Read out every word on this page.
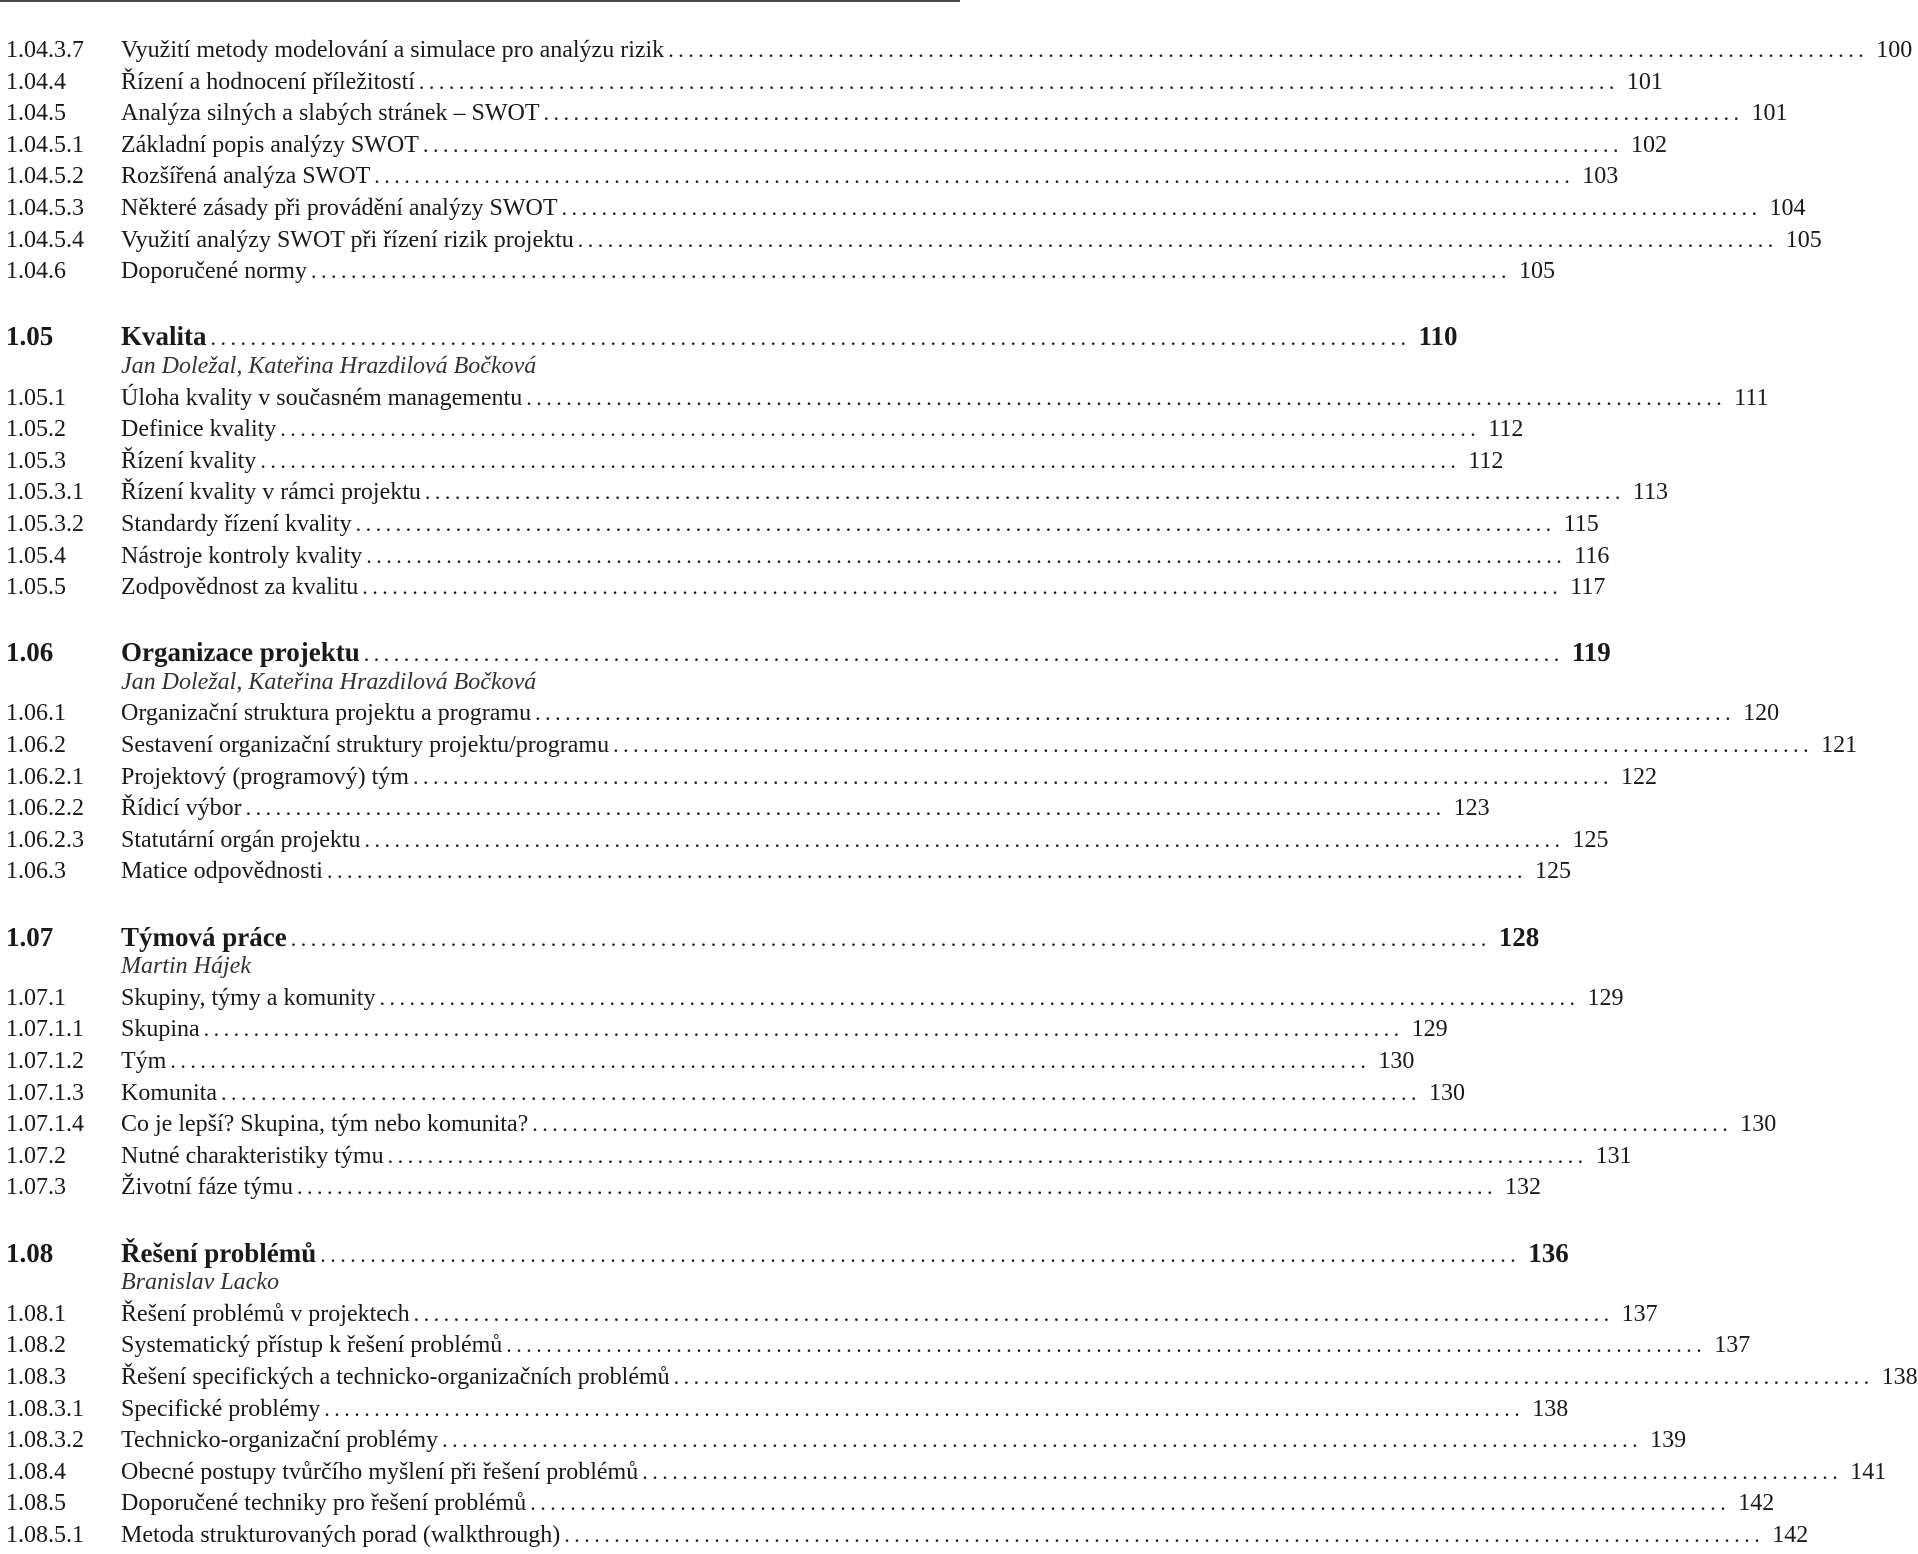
1.04.3.7	Využití metody modelování a simulace pro analýzu rizik ........................................................................................................................ 100
1.04.4	Řízení a hodnocení příležitostí ........................................................................................................................ 101
1.04.5	Analýza silných a slabých stránek – SWOT ........................................................................................................................ 101
1.04.5.1	Základní popis analýzy SWOT ........................................................................................................................ 102
1.04.5.2	Rozšířená analýza SWOT ........................................................................................................................ 103
1.04.5.3	Některé zásady při provádění analýzy SWOT ........................................................................................................................ 104
1.04.5.4	Využití analýzy SWOT při řízení rizik projektu ........................................................................................................................ 105
1.04.6	Doporučené normy ........................................................................................................................ 105
1.05	Kvalita ........................................................................................................................ 110
Jan Doležal, Kateřina Hrazdilová Bočková
1.05.1	Úloha kvality v současném managementu ........................................................................................................................ 111
1.05.2	Definice kvality ........................................................................................................................ 112
1.05.3	Řízení kvality ........................................................................................................................ 112
1.05.3.1	Řízení kvality v rámci projektu ........................................................................................................................ 113
1.05.3.2	Standardy řízení kvality ........................................................................................................................ 115
1.05.4	Nástroje kontroly kvality ........................................................................................................................ 116
1.05.5	Zodpovědnost za kvalitu ........................................................................................................................ 117
1.06	Organizace projektu ........................................................................................................................ 119
Jan Doležal, Kateřina Hrazdilová Bočková
1.06.1	Organizační struktura projektu a programu ........................................................................................................................ 120
1.06.2	Sestavení organizační struktury projektu/programu ........................................................................................................................ 121
1.06.2.1	Projektový (programový) tým ........................................................................................................................ 122
1.06.2.2	Řídicí výbor ........................................................................................................................ 123
1.06.2.3	Statutární orgán projektu ........................................................................................................................ 125
1.06.3	Matice odpovědnosti ........................................................................................................................ 125
1.07	Týmová práce ........................................................................................................................ 128
Martin Hájek
1.07.1	Skupiny, týmy a komunity ........................................................................................................................ 129
1.07.1.1	Skupina ........................................................................................................................ 129
1.07.1.2	Tým ........................................................................................................................ 130
1.07.1.3	Komunita ........................................................................................................................ 130
1.07.1.4	Co je lepší? Skupina, tým nebo komunita? ........................................................................................................................ 130
1.07.2	Nutné charakteristiky týmu ........................................................................................................................ 131
1.07.3	Životní fáze týmu ........................................................................................................................ 132
1.08	Řešení problémů ........................................................................................................................ 136
Branislav Lacko
1.08.1	Řešení problémů v projektech ........................................................................................................................ 137
1.08.2	Systematický přístup k řešení problémů ........................................................................................................................ 137
1.08.3	Řešení specifických a technicko-organizačních problémů ........................................................................................................................ 138
1.08.3.1	Specifické problémy ........................................................................................................................ 138
1.08.3.2	Technicko-organizační problémy ........................................................................................................................ 139
1.08.4	Obecné postupy tvůrčího myšlení při řešení problémů ........................................................................................................................ 141
1.08.5	Doporučené techniky pro řešení problémů ........................................................................................................................ 142
1.08.5.1	Metoda strukturovaných porad (walkthrough) ........................................................................................................................ 142
